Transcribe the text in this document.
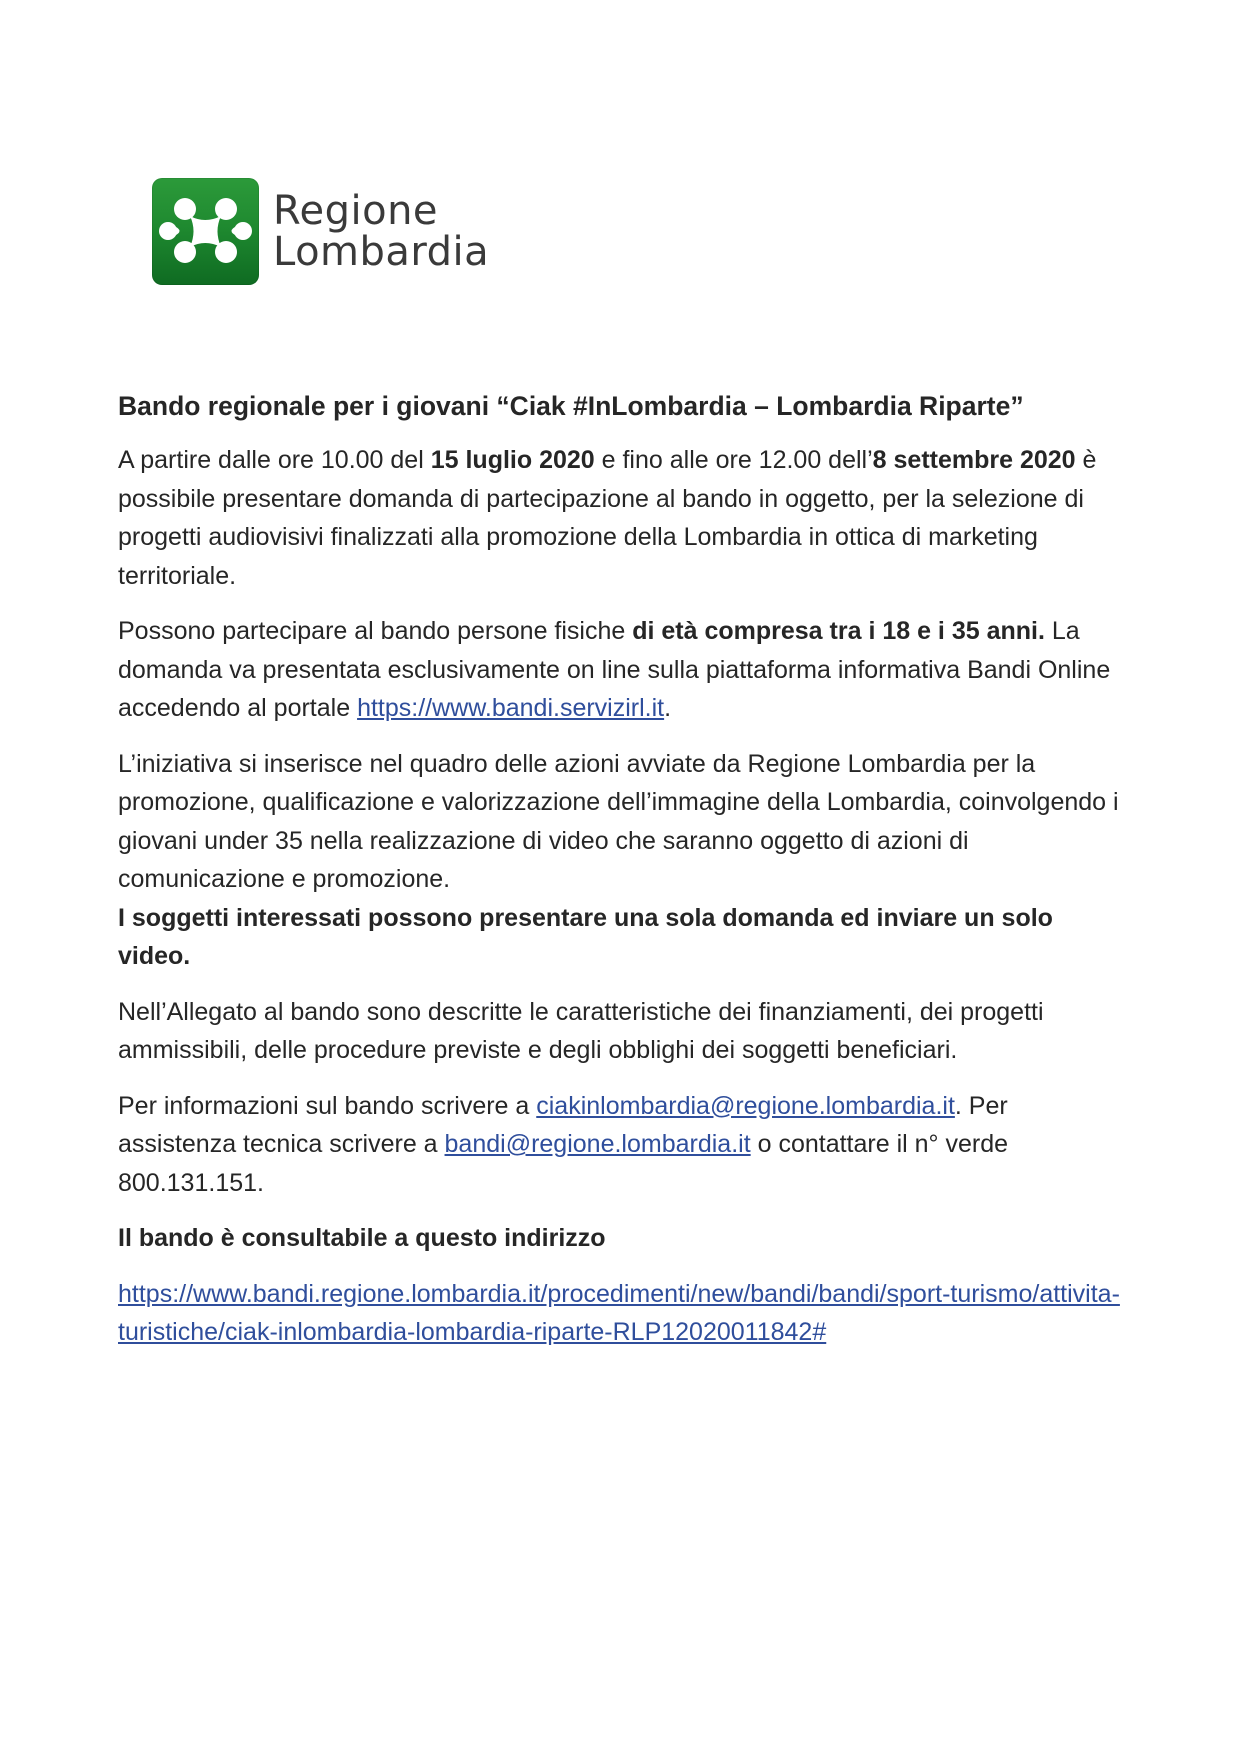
Regione
Lombardia
Bando regionale per i giovani “Ciak #InLombardia – Lombardia Riparte”

A partire dalle ore 10.00 del 15 luglio 2020 e fino alle ore 12.00 dell’8 settembre 2020 è possibile presentare domanda di partecipazione al bando in oggetto, per la selezione di progetti audiovisivi finalizzati alla promozione della Lombardia in ottica di marketing territoriale.

Possono partecipare al bando persone fisiche di età compresa tra i 18 e i 35 anni. La domanda va presentata esclusivamente on line sulla piattaforma informativa Bandi Online accedendo al portale https://www.bandi.servizirl.it.

L’iniziativa si inserisce nel quadro delle azioni avviate da Regione Lombardia per la promozione, qualificazione e valorizzazione dell’immagine della Lombardia, coinvolgendo i giovani under 35 nella realizzazione di video che saranno oggetto di azioni di comunicazione e promozione.

I soggetti interessati possono presentare una sola domanda ed inviare un solo video.

Nell’Allegato al bando sono descritte le caratteristiche dei finanziamenti, dei progetti ammissibili, delle procedure previste e degli obblighi dei soggetti beneficiari.

Per informazioni sul bando scrivere a ciakinlombardia@regione.lombardia.it. Per assistenza tecnica scrivere a bandi@regione.lombardia.it o contattare il n° verde 800.131.151.

Il bando è consultabile a questo indirizzo

https://www.bandi.regione.lombardia.it/procedimenti/new/bandi/bandi/sport-turismo/attivita-turistiche/ciak-inlombardia-lombardia-riparte-RLP12020011842#
